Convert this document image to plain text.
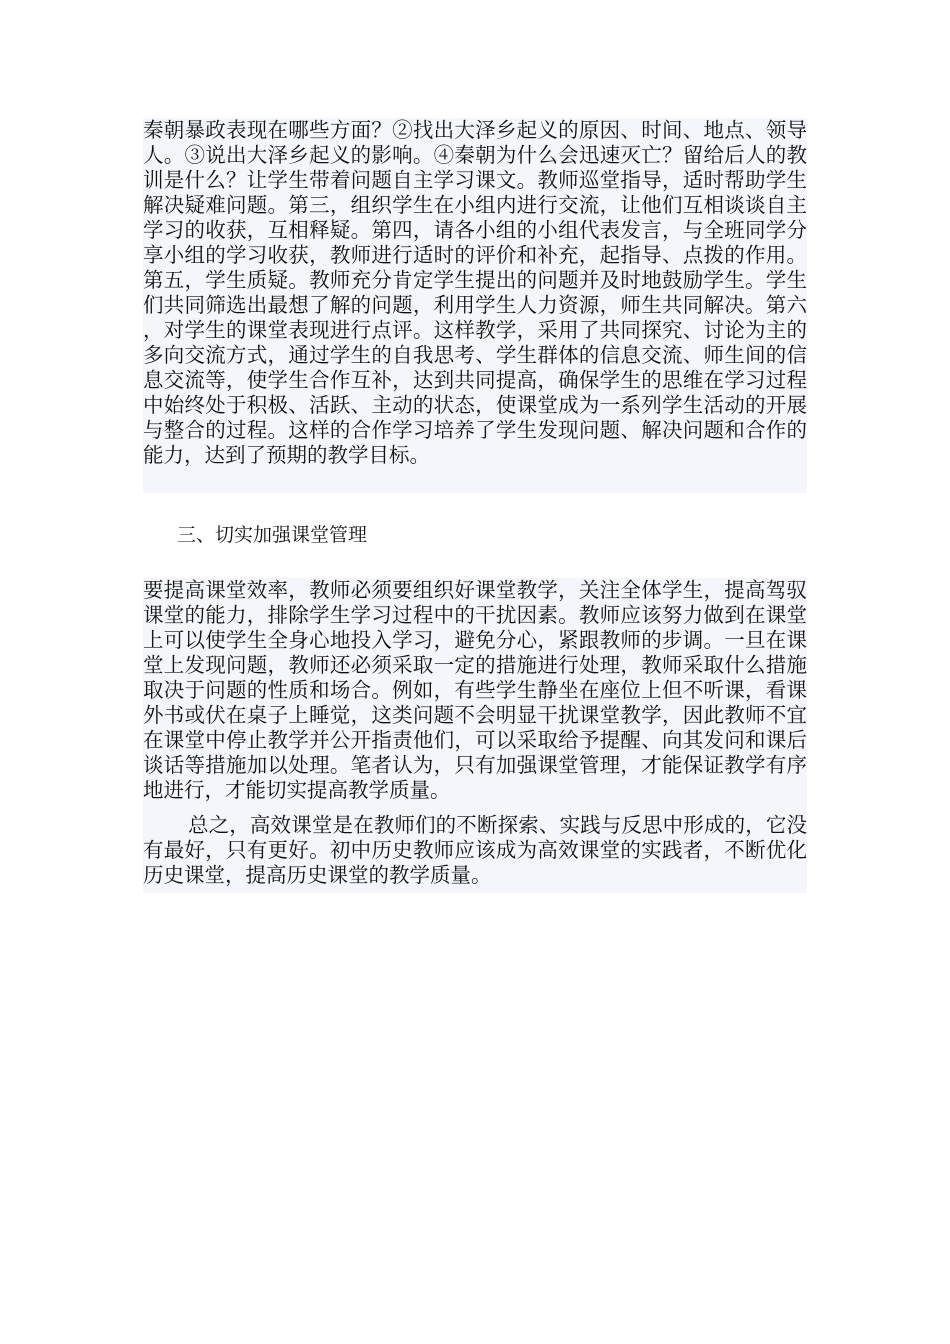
秦朝暴政表现在哪些方面？②找出大泽乡起义的原因、时间、地点、领导人。③说出大泽乡起义的影响。④秦朝为什么会迅速灭亡？留给后人的教训是什么？让学生带着问题自主学习课文。教师巡堂指导，适时帮助学生解决疑难问题。第三，组织学生在小组内进行交流，让他们互相谈谈自主学习的收获，互相释疑。第四，请各小组的小组代表发言，与全班同学分享小组的学习收获，教师进行适时的评价和补充，起指导、点拨的作用。第五，学生质疑。教师充分肯定学生提出的问题并及时地鼓励学生。学生们共同筛选出最想了解的问题，利用学生人力资源，师生共同解决。第六，对学生的课堂表现进行点评。这样教学，采用了共同探究、讨论为主的多向交流方式，通过学生的自我思考、学生群体的信息交流、师生间的信息交流等，使学生合作互补，达到共同提高，确保学生的思维在学习过程中始终处于积极、活跃、主动的状态，使课堂成为一系列学生活动的开展与整合的过程。这样的合作学习培养了学生发现问题、解决问题和合作的能力，达到了预期的教学目标。

三、切实加强课堂管理

要提高课堂效率，教师必须要组织好课堂教学，关注全体学生，提高驾驭课堂的能力，排除学生学习过程中的干扰因素。教师应该努力做到在课堂上可以使学生全身心地投入学习，避免分心，紧跟教师的步调。一旦在课堂上发现问题，教师还必须采取一定的措施进行处理，教师采取什么措施取决于问题的性质和场合。例如，有些学生静坐在座位上但不听课，看课外书或伏在桌子上睡觉，这类问题不会明显干扰课堂教学，因此教师不宜在课堂中停止教学并公开指责他们，可以采取给予提醒、向其发问和课后谈话等措施加以处理。笔者认为，只有加强课堂管理，才能保证教学有序地进行，才能切实提高教学质量。

总之，高效课堂是在教师们的不断探索、实践与反思中形成的，它没有最好，只有更好。初中历史教师应该成为高效课堂的实践者，不断优化历史课堂，提高历史课堂的教学质量。
